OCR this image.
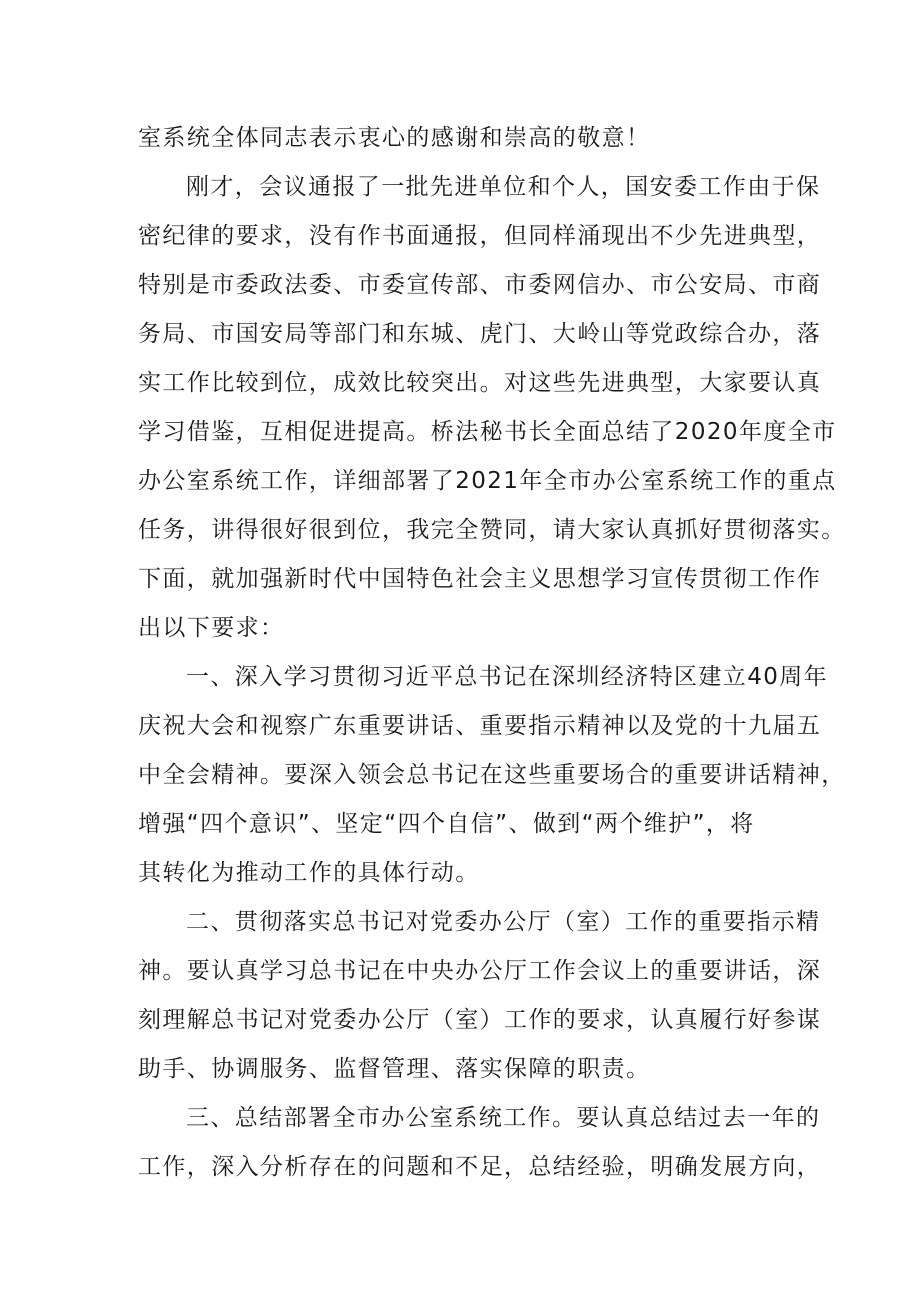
室系统全体同志表示衷心的感谢和崇高的敬意！
刚才，会议通报了一批先进单位和个人，国安委工作由于保
密纪律的要求，没有作书面通报，但同样涌现出不少先进典型，
特别是市委政法委、市委宣传部、市委网信办、市公安局、市商
务局、市国安局等部门和东城、虎门、大岭山等党政综合办，落
实工作比较到位，成效比较突出。对这些先进典型，大家要认真
学习借鉴，互相促进提高。桥法秘书长全面总结了2020年度全市
办公室系统工作，详细部署了2021年全市办公室系统工作的重点
任务，讲得很好很到位，我完全赞同，请大家认真抓好贯彻落实。
下面，就加强新时代中国特色社会主义思想学习宣传贯彻工作作
出以下要求：
一、深入学习贯彻习近平总书记在深圳经济特区建立40周年
庆祝大会和视察广东重要讲话、重要指示精神以及党的十九届五
中全会精神。要深入领会总书记在这些重要场合的重要讲话精神，
增强“四个意识”、坚定“四个自信”、做到“两个维护”，将
其转化为推动工作的具体行动。
二、贯彻落实总书记对党委办公厅（室）工作的重要指示精
神。要认真学习总书记在中央办公厅工作会议上的重要讲话，深
刻理解总书记对党委办公厅（室）工作的要求，认真履行好参谋
助手、协调服务、监督管理、落实保障的职责。
三、总结部署全市办公室系统工作。要认真总结过去一年的
工作，深入分析存在的问题和不足，总结经验，明确发展方向，
